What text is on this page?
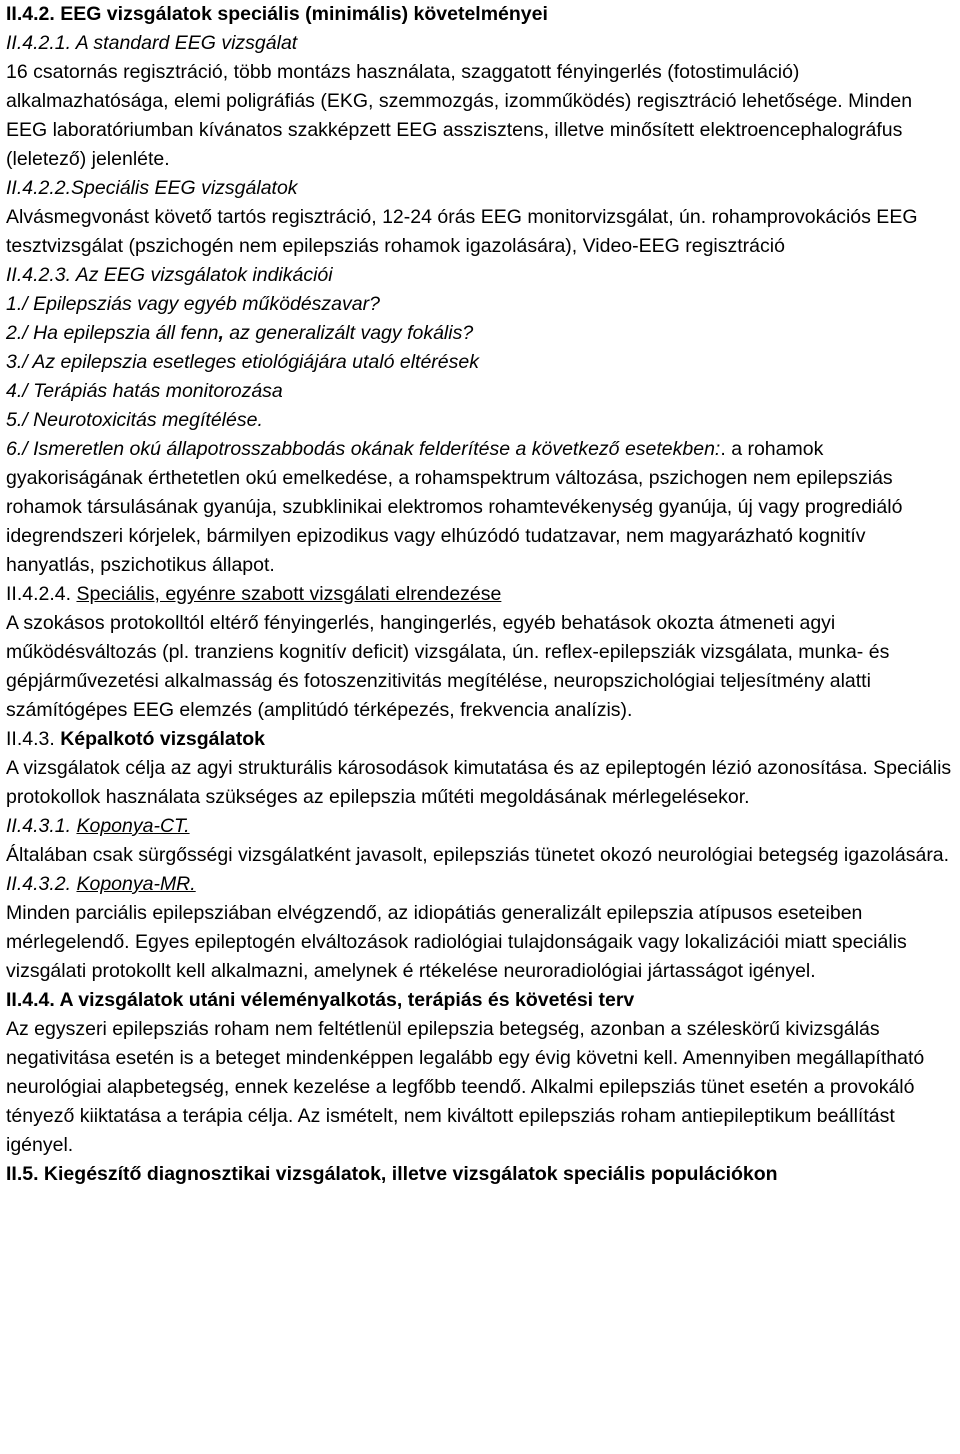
II.4.2. EEG vizsgálatok speciális (minimális) követelményei

II.4.2.1. A standard EEG vizsgálat

16 csatornás regisztráció, több montázs használata, szaggatott fényingerlés (fotostimuláció) alkalmazhatósága, elemi poligráfiás (EKG, szemmozgás, izomműködés) regisztráció lehetősége. Minden EEG laboratóriumban kívánatos szakképzett EEG asszisztens, illetve minősített elektroencephalográfus (leletező) jelenléte.

II.4.2.2.Speciális EEG vizsgálatok

Alvásmegvonást követő tartós regisztráció, 12-24 órás EEG monitorvizsgálat, ún. rohamprovokációs EEG tesztvizsgálat (pszichogén nem epilepsziás rohamok igazolására), Video-EEG regisztráció

II.4.2.3. Az EEG vizsgálatok indikációi

1./ Epilepsziás vagy egyéb működészavar?

2./ Ha epilepszia áll fenn, az generalizált vagy fokális?

3./ Az epilepszia esetleges etiológiájára utaló eltérések

4./ Terápiás hatás monitorozása

5./ Neurotoxicitás megítélése.

6./ Ismeretlen okú állapotrosszabbodás okának felderítése a következő esetekben:. a rohamok gyakoriságának érthetetlen okú emelkedése, a rohamspektrum változása, pszichogen nem epilepsziás rohamok társulásának gyanúja, szubklinikai elektromos rohamtevékenység gyanúja, új vagy progrediáló idegrendszeri kórjelek, bármilyen epizodikus vagy elhúzódó tudatzavar, nem magyarázható kognitív hanyatlás, pszichotikus állapot.

II.4.2.4. Speciális, egyénre szabott vizsgálati elrendezése

A szokásos protokolltól eltérő fényingerlés, hangingerlés, egyéb behatások okozta átmeneti agyi működésváltozás (pl. tranziens kognitív deficit) vizsgálata, ún. reflex-epilepsziák vizsgálata, munka- és gépjárművezetési alkalmasság és fotoszenzitivitás megítélése, neuropszichológiai teljesítmény alatti számítógépes EEG elemzés (amplitúdó térképezés, frekvencia analízis).

II.4.3. Képalkotó vizsgálatok

A vizsgálatok célja az agyi strukturális károsodások kimutatása és az epileptogén lézió azonosítása. Speciális protokollok használata szükséges az epilepszia műtéti megoldásának mérlegelésekor.

II.4.3.1. Koponya-CT.

Általában csak sürgősségi vizsgálatként javasolt, epilepsziás tünetet okozó neurológiai betegség igazolására.

II.4.3.2. Koponya-MR.

Minden parciális epilepsziában elvégzendő, az idiopátiás generalizált epilepszia atípusos eseteiben mérlegelendő. Egyes epileptogén elváltozások radiológiai tulajdonságaik vagy lokalizációi miatt speciális vizsgálati protokollt kell alkalmazni, amelynek é rtékelése neuroradiológiai jártasságot igényel.

II.4.4. A vizsgálatok utáni véleményalkotás, terápiás és követési terv

Az egyszeri epilepsziás roham nem feltétlenül epilepszia betegség, azonban a széleskörű kivizsgálás negativitása esetén is a beteget mindenképpen legalább egy évig követni kell. Amennyiben megállapítható neurológiai alapbetegség, ennek kezelése a legfőbb teendő. Alkalmi epilepsziás tünet esetén a provokáló tényező kiiktatása a terápia célja. Az ismételt, nem kiváltott epilepsziás roham antiepileptikum beállítást igényel.

II.5. Kiegészítő diagnosztikai vizsgálatok, illetve vizsgálatok speciális populációkon
